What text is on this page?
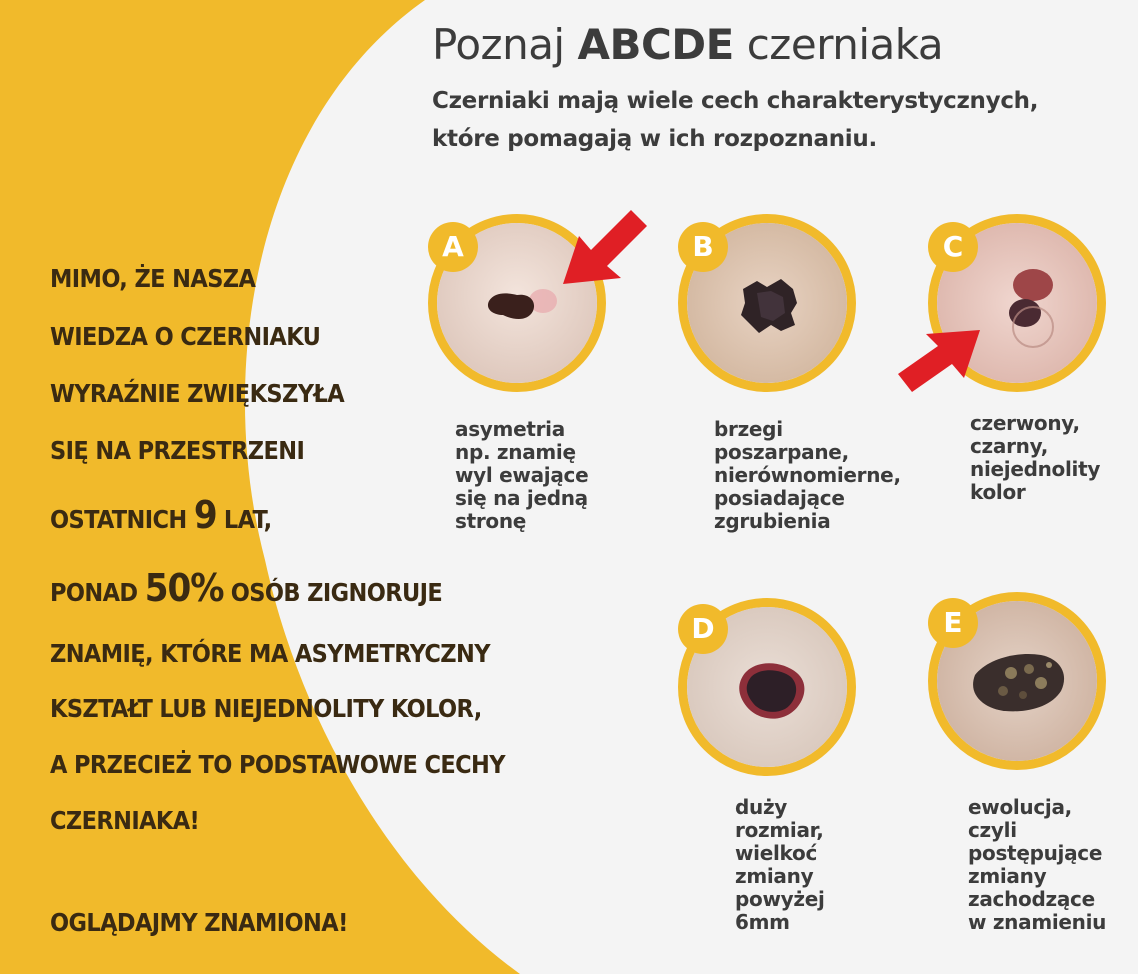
Poznaj ABCDE czerniaka

Czerniaki mają wiele cech charakterystycznych,
które pomagają w ich rozpoznaniu.

MIMO, ŻE NASZA
WIEDZA O CZERNIAKU
WYRAŹNIE ZWIĘKSZYŁA
SIĘ NA PRZESTRZENI
OSTATNICH 9 LAT,
PONAD 50% OSÓB ZIGNORUJE
ZNAMIĘ, KTÓRE MA ASYMETRYCZNY
KSZTAŁT LUB NIEJEDNOLITY KOLOR,
A PRZECIEŻ TO PODSTAWOWE CECHY
CZERNIAKA!
OGLĄDAJMY ZNAMIONA!
A	B	C
D	E
asymetria
np. znamię
wyl ewające
się na jedną
stronę
brzegi
poszarpane,
nierównomierne,
posiadające
zgrubienia
czerwony,
czarny,
niejednolity
kolor
duży
rozmiar,
wielkoć
zmiany
powyżej
6mm
ewolucja,
czyli
postępujące
zmiany
zachodzące
w znamieniu
